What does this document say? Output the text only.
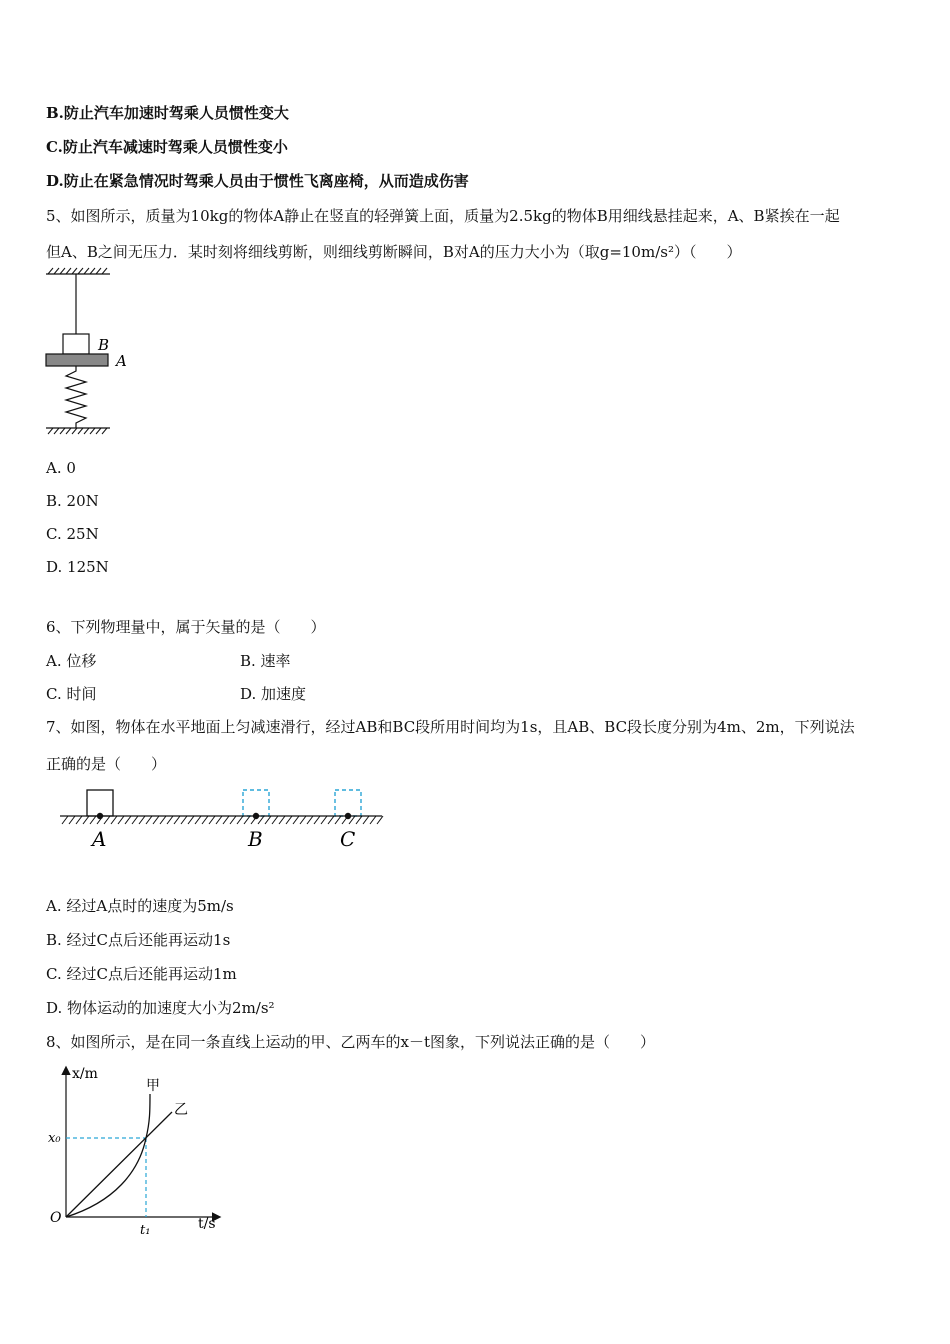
B.防止汽车加速时驾乘人员惯性变大
C.防止汽车减速时驾乘人员惯性变小
D.防止在紧急情况时驾乘人员由于惯性飞离座椅，从而造成伤害
5、如图所示，质量为10kg的物体A静止在竖直的轻弹簧上面，质量为2.5kg的物体B用细线悬挂起来，A、B紧挨在一起
但A、B之间无压力．某时刻将细线剪断，则细线剪断瞬间，B对A的压力大小为（取g=10m/s²）（　　）
B
A
A. 0
B. 20N
C. 25N
D. 125N
6、下列物理量中，属于矢量的是（　　）
A. 位移	B. 速率
C. 时间	D. 加速度
7、如图，物体在水平地面上匀减速滑行，经过AB和BC段所用时间均为1s，且AB、BC段长度分别为4m、2m，下列说法
正确的是（　　）
A	B	C
A. 经过A点时的速度为5m/s
B. 经过C点后还能再运动1s
C. 经过C点后还能再运动1m
D. 物体运动的加速度大小为2m/s²
8、如图所示，是在同一条直线上运动的甲、乙两车的x－t图象，下列说法正确的是（　　）
x/m
t/s
O
x₀
t₁
甲
乙
